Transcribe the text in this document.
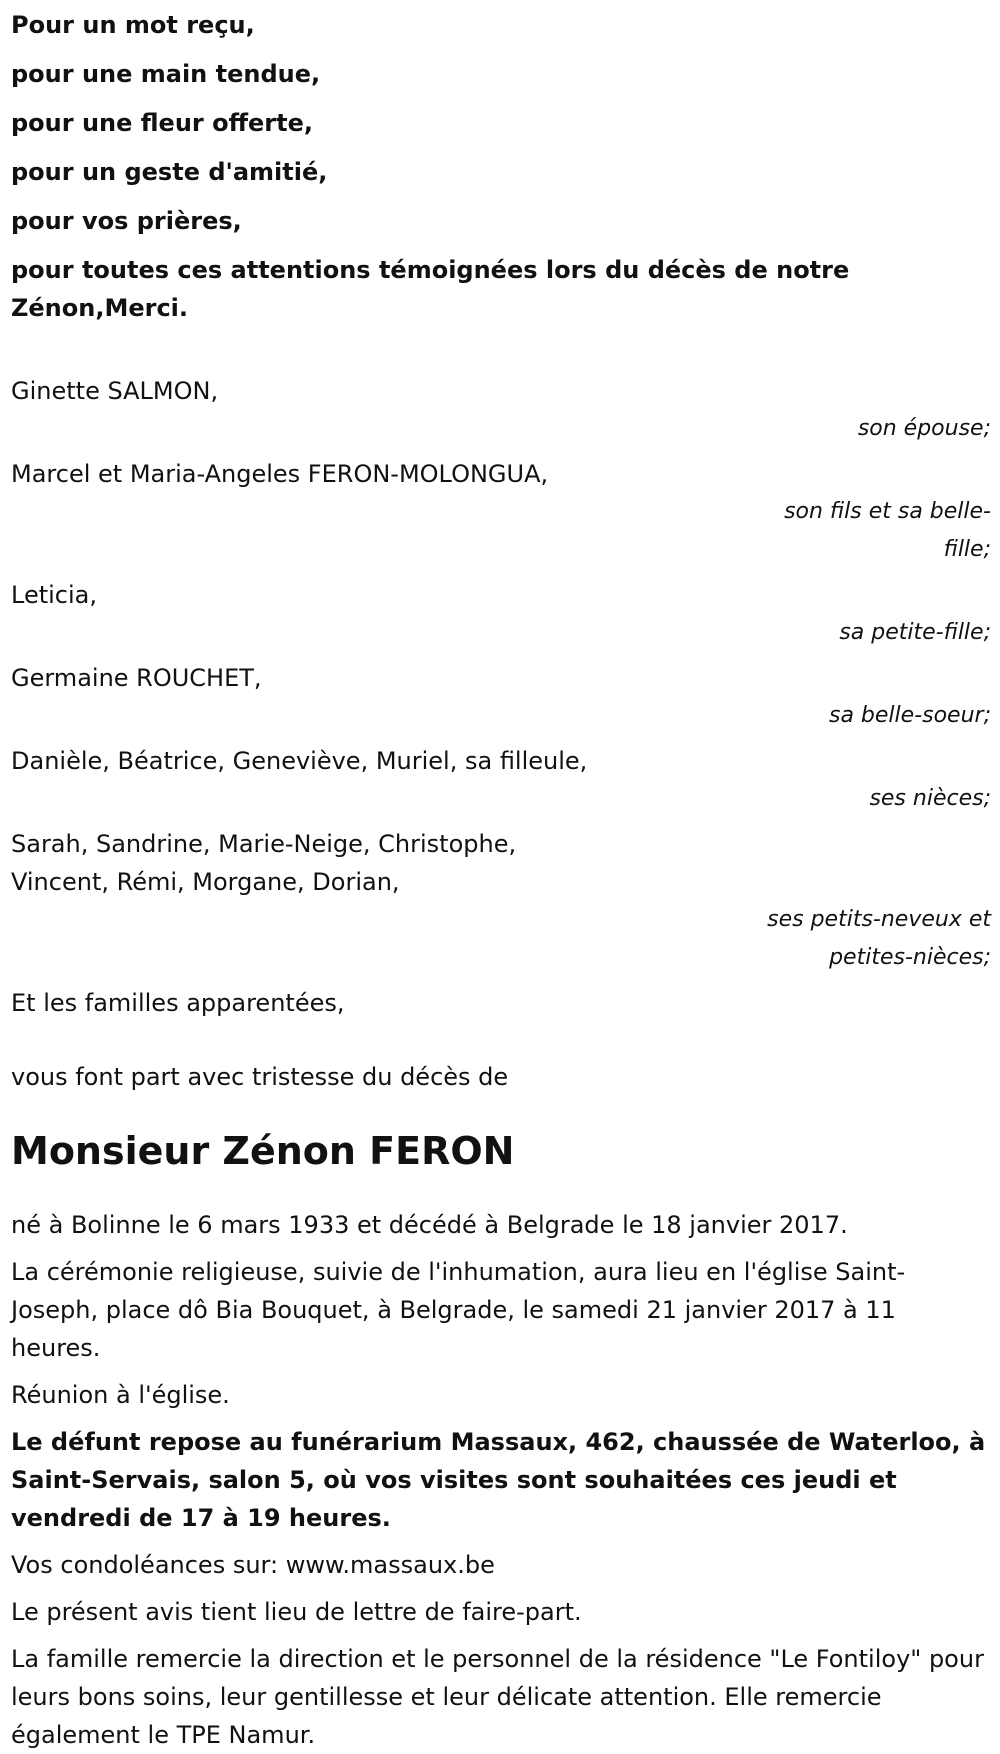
Pour un mot reçu,
pour une main tendue,
pour une fleur offerte,
pour un geste d'amitié,
pour vos prières,
pour toutes ces attentions témoignées lors du décès de notre Zénon,Merci.
Ginette SALMON,
son épouse;
Marcel et Maria-Angeles FERON-MOLONGUA,
son fils et sa belle-fille;
Leticia,
sa petite-fille;
Germaine ROUCHET,
sa belle-soeur;
Danièle, Béatrice, Geneviève, Muriel, sa filleule,
ses nièces;
Sarah, Sandrine, Marie-Neige, Christophe, Vincent, Rémi, Morgane, Dorian,
ses petits-neveux et petites-nièces;

Et les familles apparentées,

vous font part avec tristesse du décès de

Monsieur Zénon FERON

né à Bolinne le 6 mars 1933 et décédé à Belgrade le 18 janvier 2017.

La cérémonie religieuse, suivie de l'inhumation, aura lieu en l'église Saint-Joseph, place dô Bia Bouquet, à Belgrade, le samedi 21 janvier 2017 à 11 heures.

Réunion à l'église.

Le défunt repose au funérarium Massaux, 462, chaussée de Waterloo, à Saint-Servais, salon 5, où vos visites sont souhaitées ces jeudi et vendredi de 17 à 19 heures.

Vos condoléances sur: www.massaux.be

Le présent avis tient lieu de lettre de faire-part.

La famille remercie la direction et le personnel de la résidence "Le Fontiloy" pour leurs bons soins, leur gentillesse et leur délicate attention. Elle remercie également le TPE Namur.
